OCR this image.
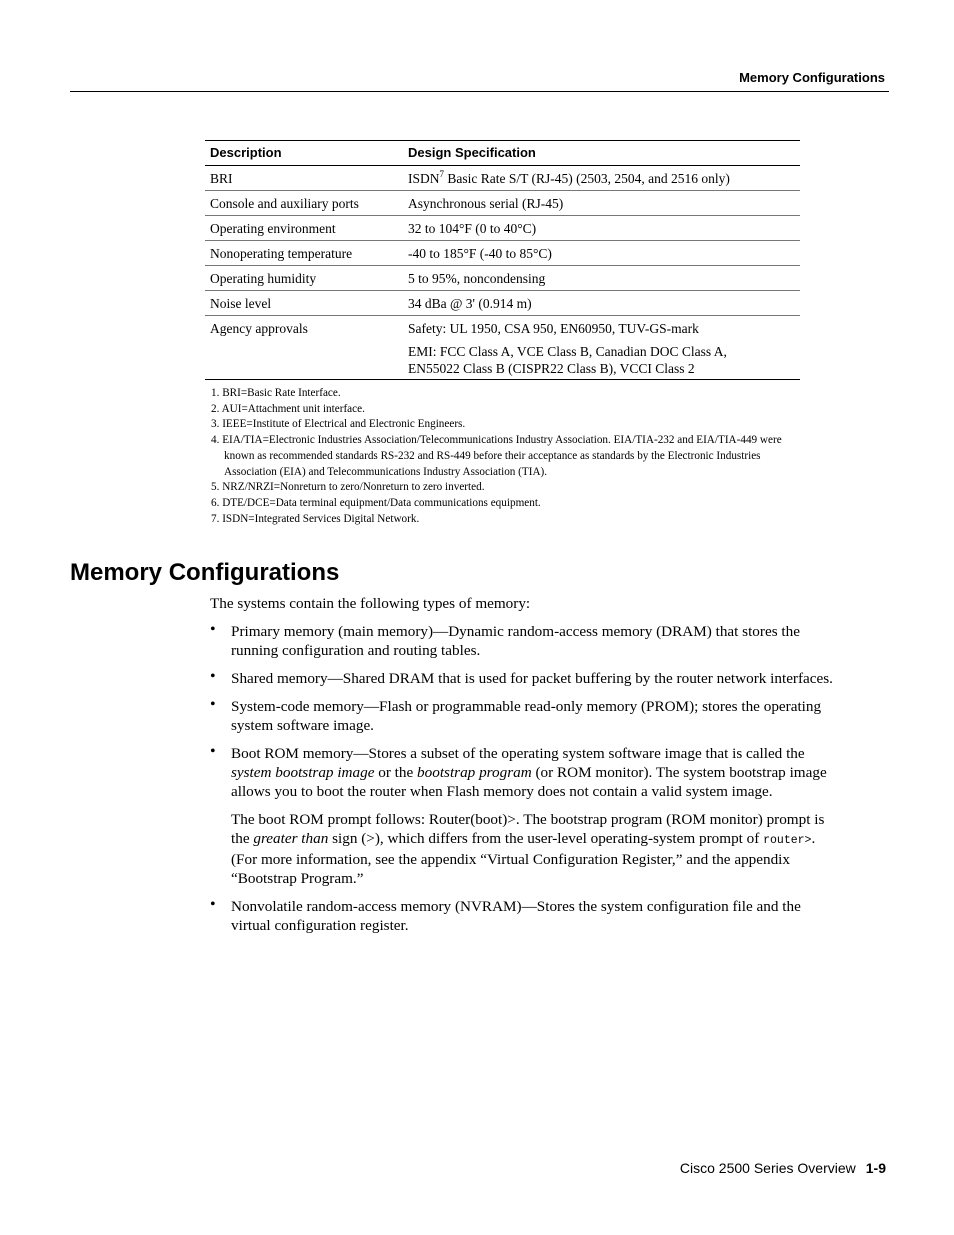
Memory Configurations
Description	Design Specification
BRI	ISDN$^7$ Basic Rate S/T (RJ-45) (2503, 2504, and 2516 only)
Console and auxiliary ports	Asynchronous serial (RJ-45)
Operating environment	32 to 104°F (0 to 40°C)
Nonoperating temperature	-40 to 185°F (-40 to 85°C)
Operating humidity	5 to 95%, noncondensing
Noise level	34 dBa @ 3' (0.914 m)
Agency approvals	Safety: UL 1950, CSA 950, EN60950, TUV-GS-mark

EMI: FCC Class A, VCE Class B, Canadian DOC Class A,
EN55022 Class B (CISPR22 Class B), VCCI Class 2

1. BRI=Basic Rate Interface.
2. AUI=Attachment unit interface.
3. IEEE=Institute of Electrical and Electronic Engineers.
4. EIA/TIA=Electronic Industries Association/Telecommunications Industry Association. EIA/TIA-232 and EIA/TIA-449 were known as recommended standards RS-232 and RS-449 before their acceptance as standards by the Electronic Industries Association (EIA) and Telecommunications Industry Association (TIA).
5. NRZ/NRZI=Nonreturn to zero/Nonreturn to zero inverted.
6. DTE/DCE=Data terminal equipment/Data communications equipment.
7. ISDN=Integrated Services Digital Network.
Memory Configurations

The systems contain the following types of memory:

• Primary memory (main memory)—Dynamic random-access memory (DRAM) that stores the running configuration and routing tables.

• Shared memory—Shared DRAM that is used for packet buffering by the router network interfaces.

• System-code memory—Flash or programmable read-only memory (PROM); stores the operating system software image.

• Boot ROM memory—Stores a subset of the operating system software image that is called the system bootstrap image or the bootstrap program (or ROM monitor). The system bootstrap image allows you to boot the router when Flash memory does not contain a valid system image.

The boot ROM prompt follows: Router(boot)>. The bootstrap program (ROM monitor) prompt is the greater than sign (>), which differs from the user-level operating-system prompt of router>. (For more information, see the appendix “Virtual Configuration Register,” and the appendix “Bootstrap Program.”

• Nonvolatile random-access memory (NVRAM)—Stores the system configuration file and the virtual configuration register.

Cisco 2500 Series Overview 1-9
